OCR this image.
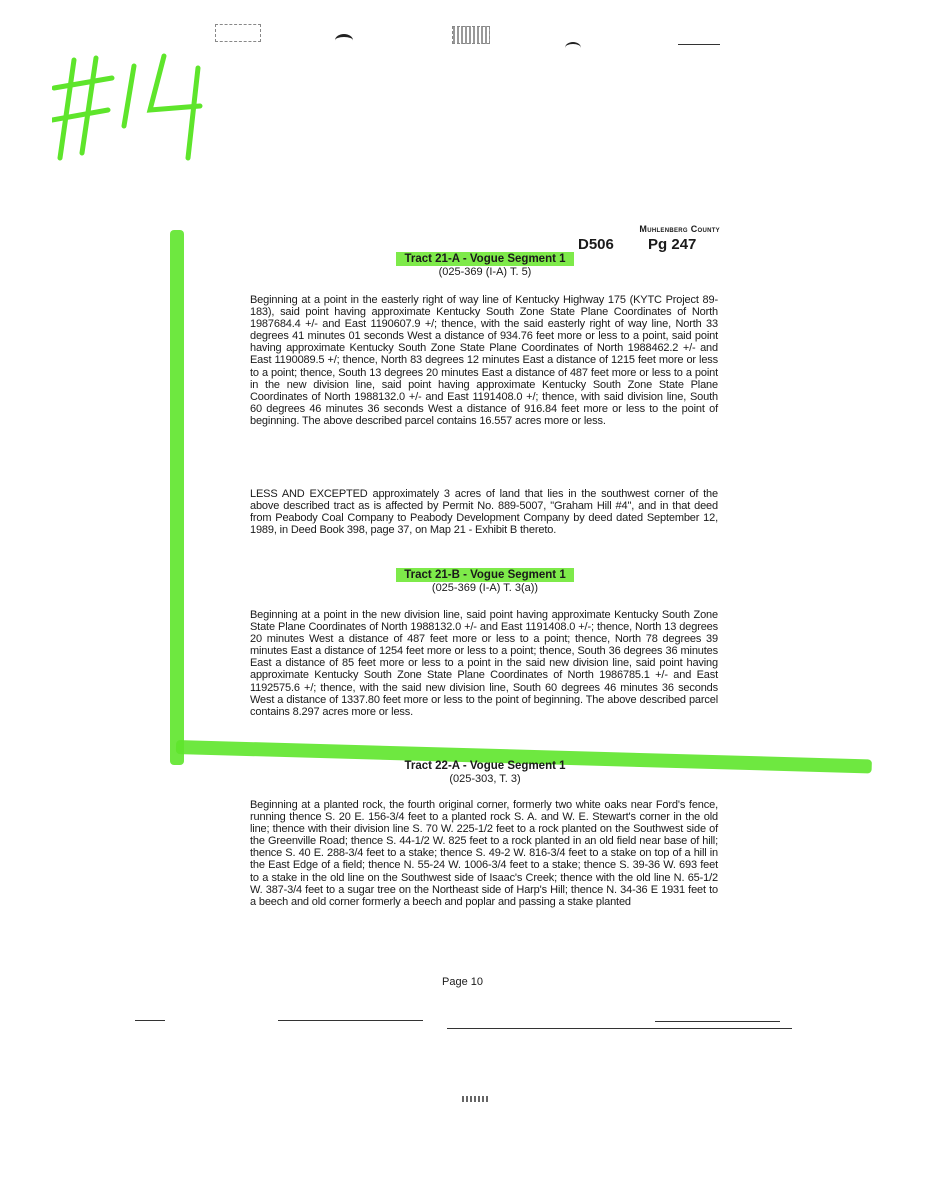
Muhlenberg County
D506 Pg 247
Tract 21-A - Vogue Segment 1
(025-369 (I-A) T. 5)
Beginning at a point in the easterly right of way line of Kentucky Highway 175 (KYTC Project 89-183), said point having approximate Kentucky South Zone State Plane Coordinates of North 1987684.4 +/- and East 1190607.9 +/; thence, with the said easterly right of way line, North 33 degrees 41 minutes 01 seconds West a distance of 934.76 feet more or less to a point, said point having approximate Kentucky South Zone State Plane Coordinates of North 1988462.2 +/- and East 1190089.5 +/; thence, North 83 degrees 12 minutes East a distance of 1215 feet more or less to a point; thence, South 13 degrees 20 minutes East a distance of 487 feet more or less to a point in the new division line, said point having approximate Kentucky South Zone State Plane Coordinates of North 1988132.0 +/- and East 1191408.0 +/; thence, with said division line, South 60 degrees 46 minutes 36 seconds West a distance of 916.84 feet more or less to the point of beginning. The above described parcel contains 16.557 acres more or less.
LESS AND EXCEPTED approximately 3 acres of land that lies in the southwest corner of the above described tract as is affected by Permit No. 889-5007, "Graham Hill #4", and in that deed from Peabody Coal Company to Peabody Development Company by deed dated September 12, 1989, in Deed Book 398, page 37, on Map 21 - Exhibit B thereto.
Tract 21-B - Vogue Segment 1
(025-369 (I-A) T. 3(a))
Beginning at a point in the new division line, said point having approximate Kentucky South Zone State Plane Coordinates of North 1988132.0 +/- and East 1191408.0 +/-; thence, North 13 degrees 20 minutes West a distance of 487 feet more or less to a point; thence, North 78 degrees 39 minutes East a distance of 1254 feet more or less to a point; thence, South 36 degrees 36 minutes East a distance of 85 feet more or less to a point in the said new division line, said point having approximate Kentucky South Zone State Plane Coordinates of North 1986785.1 +/- and East 1192575.6 +/; thence, with the said new division line, South 60 degrees 46 minutes 36 seconds West a distance of 1337.80 feet more or less to the point of beginning. The above described parcel contains 8.297 acres more or less.
Tract 22-A - Vogue Segment 1
(025-303, T. 3)
Beginning at a planted rock, the fourth original corner, formerly two white oaks near Ford's fence, running thence S. 20 E. 156-3/4 feet to a planted rock S. A. and W. E. Stewart's corner in the old line; thence with their division line S. 70 W. 225-1/2 feet to a rock planted on the Southwest side of the Greenville Road; thence S. 44-1/2 W. 825 feet to a rock planted in an old field near base of hill; thence S. 40 E. 288-3/4 feet to a stake; thence S. 49-2 W. 816-3/4 feet to a stake on top of a hill in the East Edge of a field; thence N. 55-24 W. 1006-3/4 feet to a stake; thence S. 39-36 W. 693 feet to a stake in the old line on the Southwest side of Isaac's Creek; thence with the old line N. 65-1/2 W. 387-3/4 feet to a sugar tree on the Northeast side of Harp's Hill; thence N. 34-36 E 1931 feet to a beech and old corner formerly a beech and poplar and passing a stake planted
Page 10
